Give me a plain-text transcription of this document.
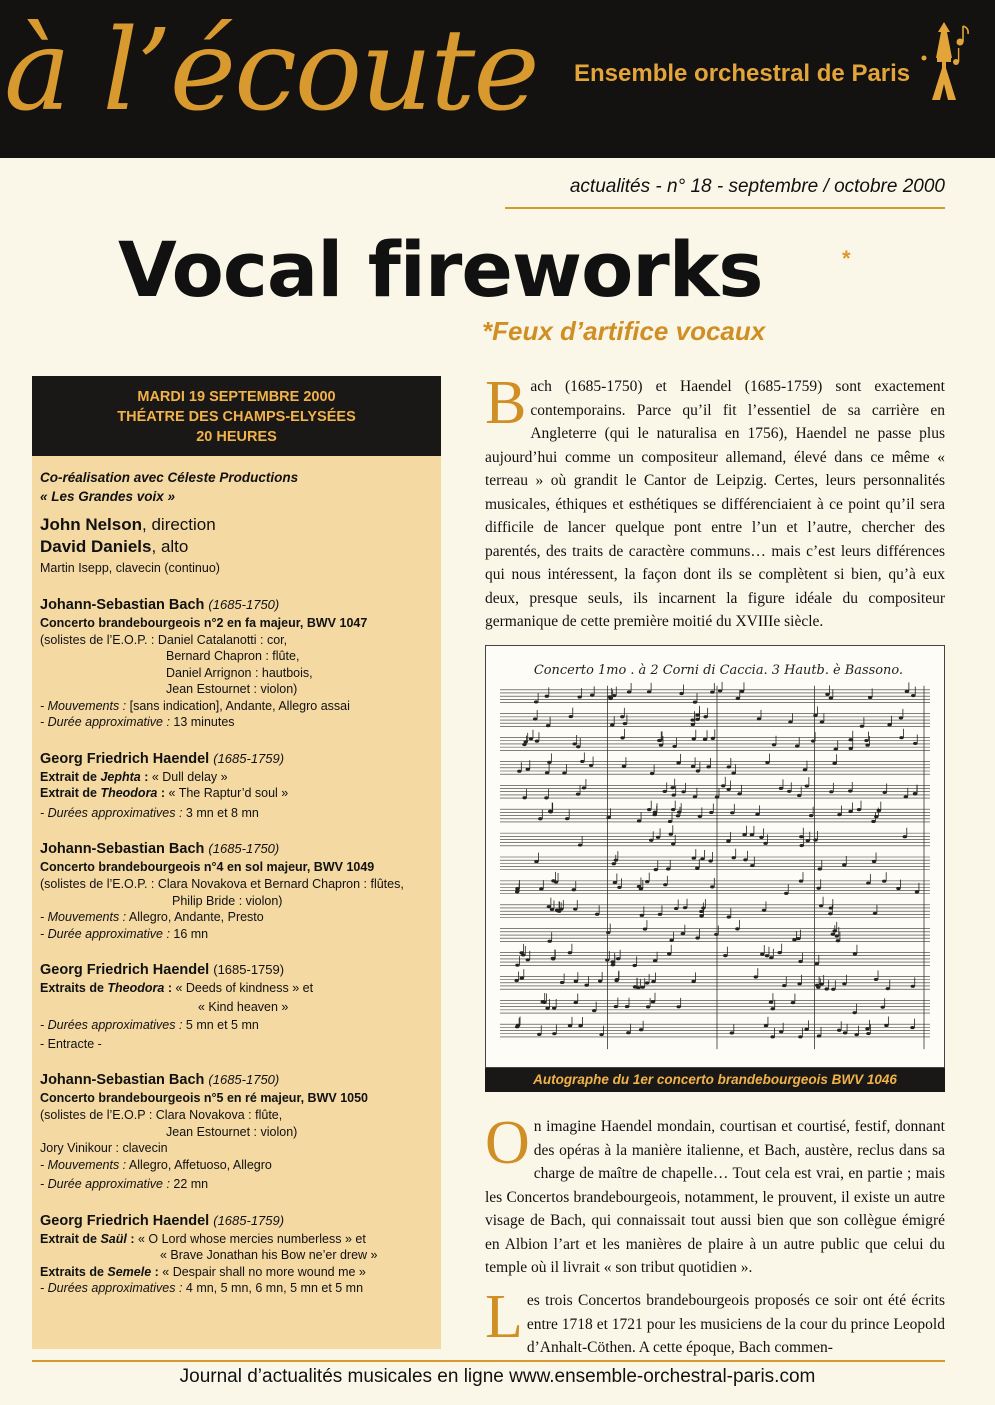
à l’écoute Ensemble orchestral de Paris
actualités - n° 18 - septembre / octobre 2000
Vocal fireworks	*
*Feux d’artifice vocaux
MARDI 19 SEPTEMBRE 2000
THÉATRE DES CHAMPS-ELYSÉES
20 HEURES
Co-réalisation avec Céleste Productions
« Les Grandes voix »
John Nelson, direction
David Daniels, alto
Martin Isepp, clavecin (continuo)
Johann-Sebastian Bach (1685-1750)
Concerto brandebourgeois n°2 en fa majeur, BWV 1047
(solistes de l’E.O.P. : Daniel Catalanotti : cor,
Bernard Chapron : flûte,
Daniel Arrignon : hautbois,
Jean Estournet : violon)
- Mouvements : [sans indication], Andante, Allegro assai
- Durée approximative : 13 minutes
Georg Friedrich Haendel (1685-1759)
Extrait de Jephta : « Dull delay »
Extrait de Theodora : « The Raptur’d soul »
- Durées approximatives : 3 mn et 8 mn
Johann-Sebastian Bach (1685-1750)
Concerto brandebourgeois n°4 en sol majeur, BWV 1049
(solistes de l’E.O.P. : Clara Novakova et Bernard Chapron : flûtes,
Philip Bride : violon)
- Mouvements : Allegro, Andante, Presto
- Durée approximative : 16 mn
Georg Friedrich Haendel (1685-1759)
Extraits de Theodora : « Deeds of kindness » et
« Kind heaven »
- Durées approximatives : 5 mn et 5 mn
- Entracte -
Johann-Sebastian Bach (1685-1750)
Concerto brandebourgeois n°5 en ré majeur, BWV 1050
(solistes de l’E.O.P : Clara Novakova : flûte,
Jean Estournet : violon)
Jory Vinikour : clavecin
- Mouvements : Allegro, Affetuoso, Allegro
- Durée approximative : 22 mn
Georg Friedrich Haendel (1685-1759)
Extrait de Saül : « O Lord whose mercies numberless » et
« Brave Jonathan his Bow ne’er drew »
Extraits de Semele : « Despair shall no more wound me »
- Durées approximatives : 4 mn, 5 mn, 6 mn, 5 mn et 5 mn
Bach (1685-1750) et Haendel (1685-1759) sont exactement contemporains. Parce qu’il fit l’essentiel de sa carrière en Angleterre (qui le naturalisa en 1756), Haendel ne passe plus aujourd’hui comme un compositeur allemand, élevé dans ce même « terreau » où grandit le Cantor de Leipzig. Certes, leurs personnalités musicales, éthiques et esthétiques se différenciaient à ce point qu’il sera difficile de lancer quelque pont entre l’un et l’autre, chercher des parentés, des traits de caractère communs… mais c’est leurs différences qui nous intéressent, la façon dont ils se complètent si bien, qu’à eux deux, presque seuls, ils incarnent la figure idéale du compositeur germanique de cette première moitié du XVIIIe siècle.
Concerto 1mo . à 2 Corni di Caccia. 3 Hautb. è Bassono.
Autographe du 1er concerto brandebourgeois BWV 1046
On imagine Haendel mondain, courtisan et courtisé, festif, donnant des opéras à la manière italienne, et Bach, austère, reclus dans sa charge de maître de chapelle… Tout cela est vrai, en partie ; mais les Concertos brandebourgeois, notamment, le prouvent, il existe un autre visage de Bach, qui connaissait tout aussi bien que son collègue émigré en Albion l’art et les manières de plaire à un autre public que celui du temple où il livrait « son tribut quotidien ».
Les trois Concertos brandebourgeois proposés ce soir ont été écrits entre 1718 et 1721 pour les musiciens de la cour du prince Leopold d’Anhalt-Cöthen. A cette époque, Bach commen-
Journal d’actualités musicales en ligne www.ensemble-orchestral-paris.com
